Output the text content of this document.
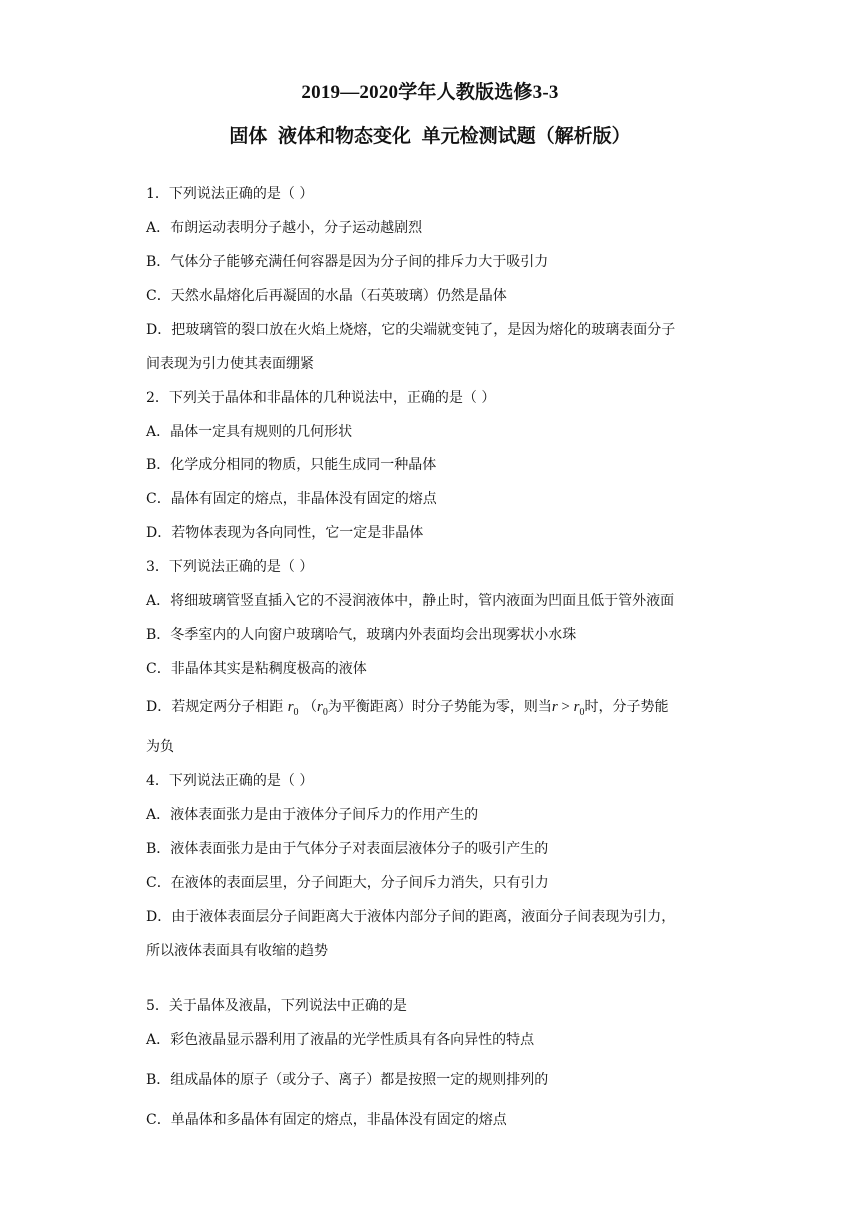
2019—2020学年人教版选修3-3
固体 液体和物态变化 单元检测试题（解析版）
1．下列说法正确的是（ ）
A．布朗运动表明分子越小，分子运动越剧烈
B．气体分子能够充满任何容器是因为分子间的排斥力大于吸引力
C．天然水晶熔化后再凝固的水晶（石英玻璃）仍然是晶体
D．把玻璃管的裂口放在火焰上烧熔，它的尖端就变钝了，是因为熔化的玻璃表面分子
间表现为引力使其表面绷紧
2．下列关于晶体和非晶体的几种说法中，正确的是（ ）
A．晶体一定具有规则的几何形状
B．化学成分相同的物质，只能生成同一种晶体
C．晶体有固定的熔点，非晶体没有固定的熔点
D．若物体表现为各向同性，它一定是非晶体
3．下列说法正确的是（ ）
A．将细玻璃管竖直插入它的不浸润液体中，静止时，管内液面为凹面且低于管外液面
B．冬季室内的人向窗户玻璃哈气，玻璃内外表面均会出现雾状小水珠
C．非晶体其实是粘稠度极高的液体
D．若规定两分子相距 $r_0$ （$r_0$为平衡距离）时分子势能为零，则当$r > r_0$时，分子势能
为负
4．下列说法正确的是（ ）
A．液体表面张力是由于液体分子间斥力的作用产生的
B．液体表面张力是由于气体分子对表面层液体分子的吸引产生的
C．在液体的表面层里，分子间距大，分子间斥力消失，只有引力
D．由于液体表面层分子间距离大于液体内部分子间的距离，液面分子间表现为引力，
所以液体表面具有收缩的趋势
5．关于晶体及液晶，下列说法中正确的是
A．彩色液晶显示器利用了液晶的光学性质具有各向异性的特点
B．组成晶体的原子（或分子、离子）都是按照一定的规则排列的
C．单晶体和多晶体有固定的熔点，非晶体没有固定的熔点
